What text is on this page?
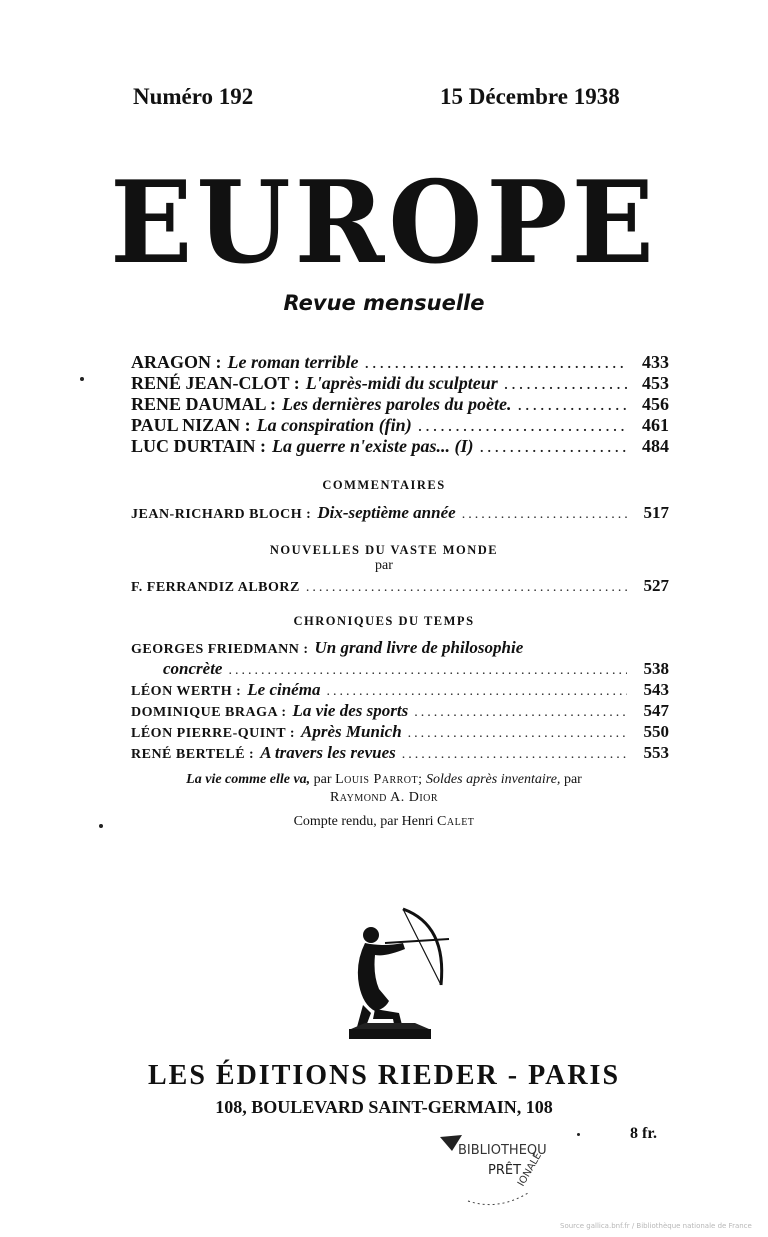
Numéro 192	15 Décembre 1938
EUROPE
Revue mensuelle
ARAGON : Le roman terrible .....	433
RENÉ JEAN-CLOT : L'après-midi du sculpteur .....	453
RENE DAUMAL : Les dernières paroles du poète. .....	456
PAUL NIZAN : La conspiration (fin) .....	461
LUC DURTAIN : La guerre n'existe pas... (I) .....	484
COMMENTAIRES
JEAN-RICHARD BLOCH : Dix-septième année .....	517
NOUVELLES DU VASTE MONDE
par
F. FERRANDIZ ALBORZ .....	527
CHRONIQUES DU TEMPS
GEORGES FRIEDMANN : Un grand livre de philosophie
concrète .....	538
LÉON WERTH : Le cinéma .....	543
DOMINIQUE BRAGA : La vie des sports .....	547
LÉON PIERRE-QUINT : Après Munich .....	550
RENÉ BERTELÉ : A travers les revues .....	553
La vie comme elle va, par Louis Parrot; Soldes après inventaire, par
Raymond A. Dior
Compte rendu, par Henri Calet
LES ÉDITIONS RIEDER - PARIS
108, BOULEVARD SAINT-GERMAIN, 108
8 fr.
BIBLIOTHEQU
PRÊT
IONALE
Source gallica.bnf.fr / Bibliothèque nationale de France
